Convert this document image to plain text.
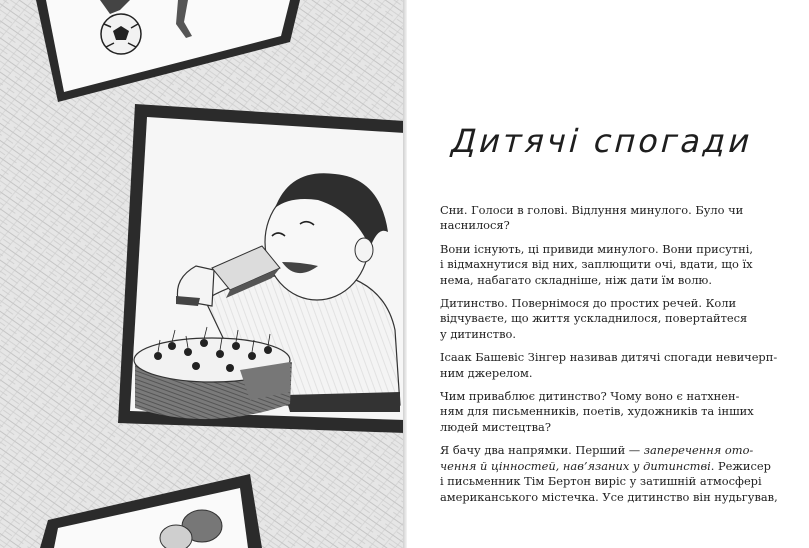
Дитячі спогади

Сни. Голоси в голові. Відлуння минулого. Було чи
наснилося?

Вони існують, ці привиди минулого. Вони присутні,
і відмахнутися від них, заплющити очі, вдати, що їх
нема, набагато складніше, ніж дати їм волю.

Дитинство. Повернімося до простих речей. Коли
відчуваєте, що життя ускладнилося, повертайтеся
у дитинство.

Ісаак Башевіс Зінгер називав дитячі спогади невичерп-
ним джерелом.

Чим приваблює дитинство? Чому воно є натхнен-
ням для письменників, поетів, художників та інших
людей мистецтва?

Я бачу два напрямки. Перший — заперечення ото-
чення й цінностей, нав’язаних у дитинстві. Режисер
і письменник Тім Бертон виріс у затишній атмосфері
американського містечка. Усе дитинство він нудьгував,
